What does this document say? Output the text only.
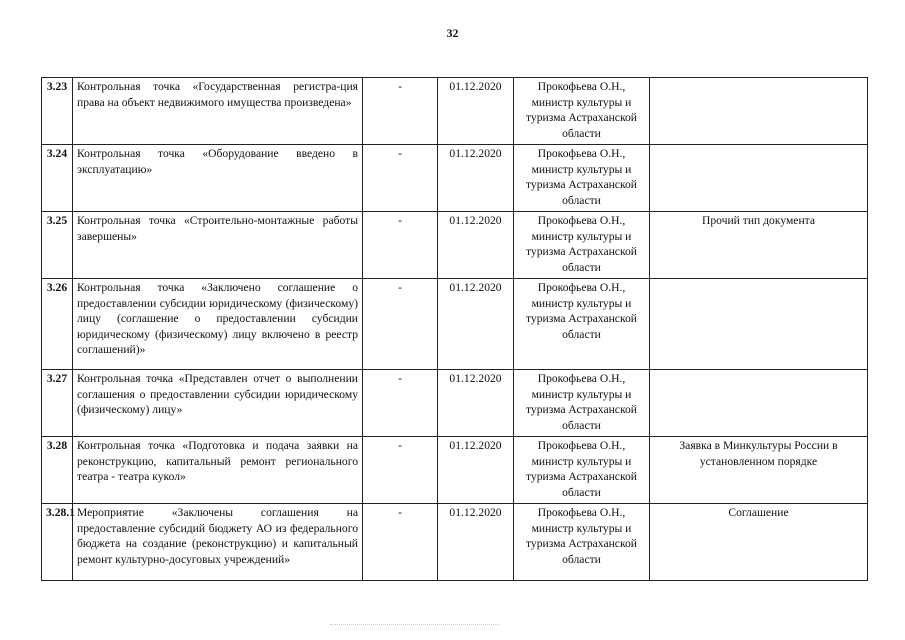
32
3.23	Контрольная точка «Государственная регистра-ция права на объект недвижимого имущества произведена»	-	01.12.2020	Прокофьева О.Н., министр культуры и туризма Астраханской области	
3.24	Контрольная точка «Оборудование введено в эксплуатацию»	-	01.12.2020	Прокофьева О.Н., министр культуры и туризма Астраханской области	
3.25	Контрольная точка «Строительно-монтажные работы завершены»	-	01.12.2020	Прокофьева О.Н., министр культуры и туризма Астраханской области	Прочий тип документа
3.26	Контрольная точка «Заключено соглашение о предоставлении субсидии юридическому (физическому) лицу (соглашение о предоставлении субсидии юридическому (физическому) лицу включено в реестр соглашений)»	-	01.12.2020	Прокофьева О.Н., министр культуры и туризма Астраханской области	
3.27	Контрольная точка «Представлен отчет о выполнении соглашения о предоставлении субсидии юридическому (физическому) лицу»	-	01.12.2020	Прокофьева О.Н., министр культуры и туризма Астраханской области	
3.28	Контрольная точка «Подготовка и подача заявки на реконструкцию, капитальный ремонт регионального театра - театра кукол»	-	01.12.2020	Прокофьева О.Н., министр культуры и туризма Астраханской области	Заявка в Минкультуры России в установленном порядке
3.28.1	Мероприятие «Заключены соглашения на предоставление субсидий бюджету АО из федерального бюджета на создание (реконструкцию) и капитальный ремонт культурно-досуговых учреждений»	-	01.12.2020	Прокофьева О.Н., министр культуры и туризма Астраханской области	Соглашение
